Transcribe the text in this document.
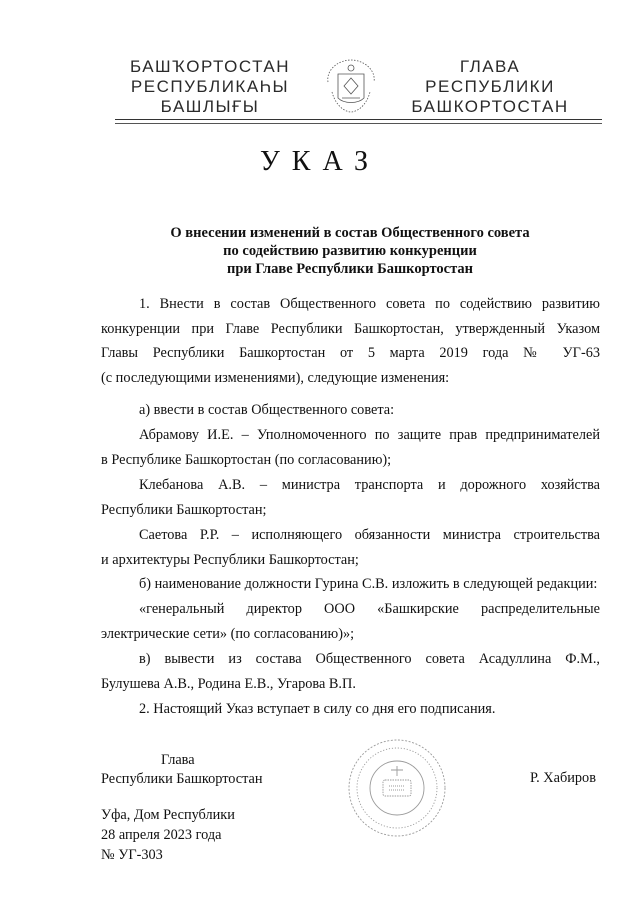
БАШҠОРТОСТАН
РЕСПУБЛИКАҺЫ
БАШЛЫҒЫ
ГЛАВА
РЕСПУБЛИКИ
БАШКОРТОСТАН
УКАЗ
О внесении изменений в состав Общественного совета
по содействию развитию конкуренции
при Главе Республики Башкортостан
1. Внести в состав Общественного совета по содействию развитию
конкуренции при Главе Республики Башкортостан, утвержденный Указом
Главы Республики Башкортостан от 5 марта 2019 года № УГ-63
(с последующими изменениями), следующие изменения:
а) ввести в состав Общественного совета:
Абрамову И.Е. – Уполномоченного по защите прав предпринимателей
в Республике Башкортостан (по согласованию);
Клебанова А.В. – министра транспорта и дорожного хозяйства
Республики Башкортостан;
Саетова Р.Р. – исполняющего обязанности министра строительства
и архитектуры Республики Башкортостан;
б) наименование должности Гурина С.В. изложить в следующей редакции:
«генеральный директор ООО «Башкирские распределительные
электрические сети» (по согласованию)»;
в) вывести из состава Общественного совета Асадуллина Ф.М.,
Булушева А.В., Родина Е.В., Угарова В.П.
2. Настоящий Указ вступает в силу со дня его подписания.
Глава
Республики Башкортостан	Р. Хабиров
Уфа, Дом Республики
28 апреля 2023 года
№ УГ-303
